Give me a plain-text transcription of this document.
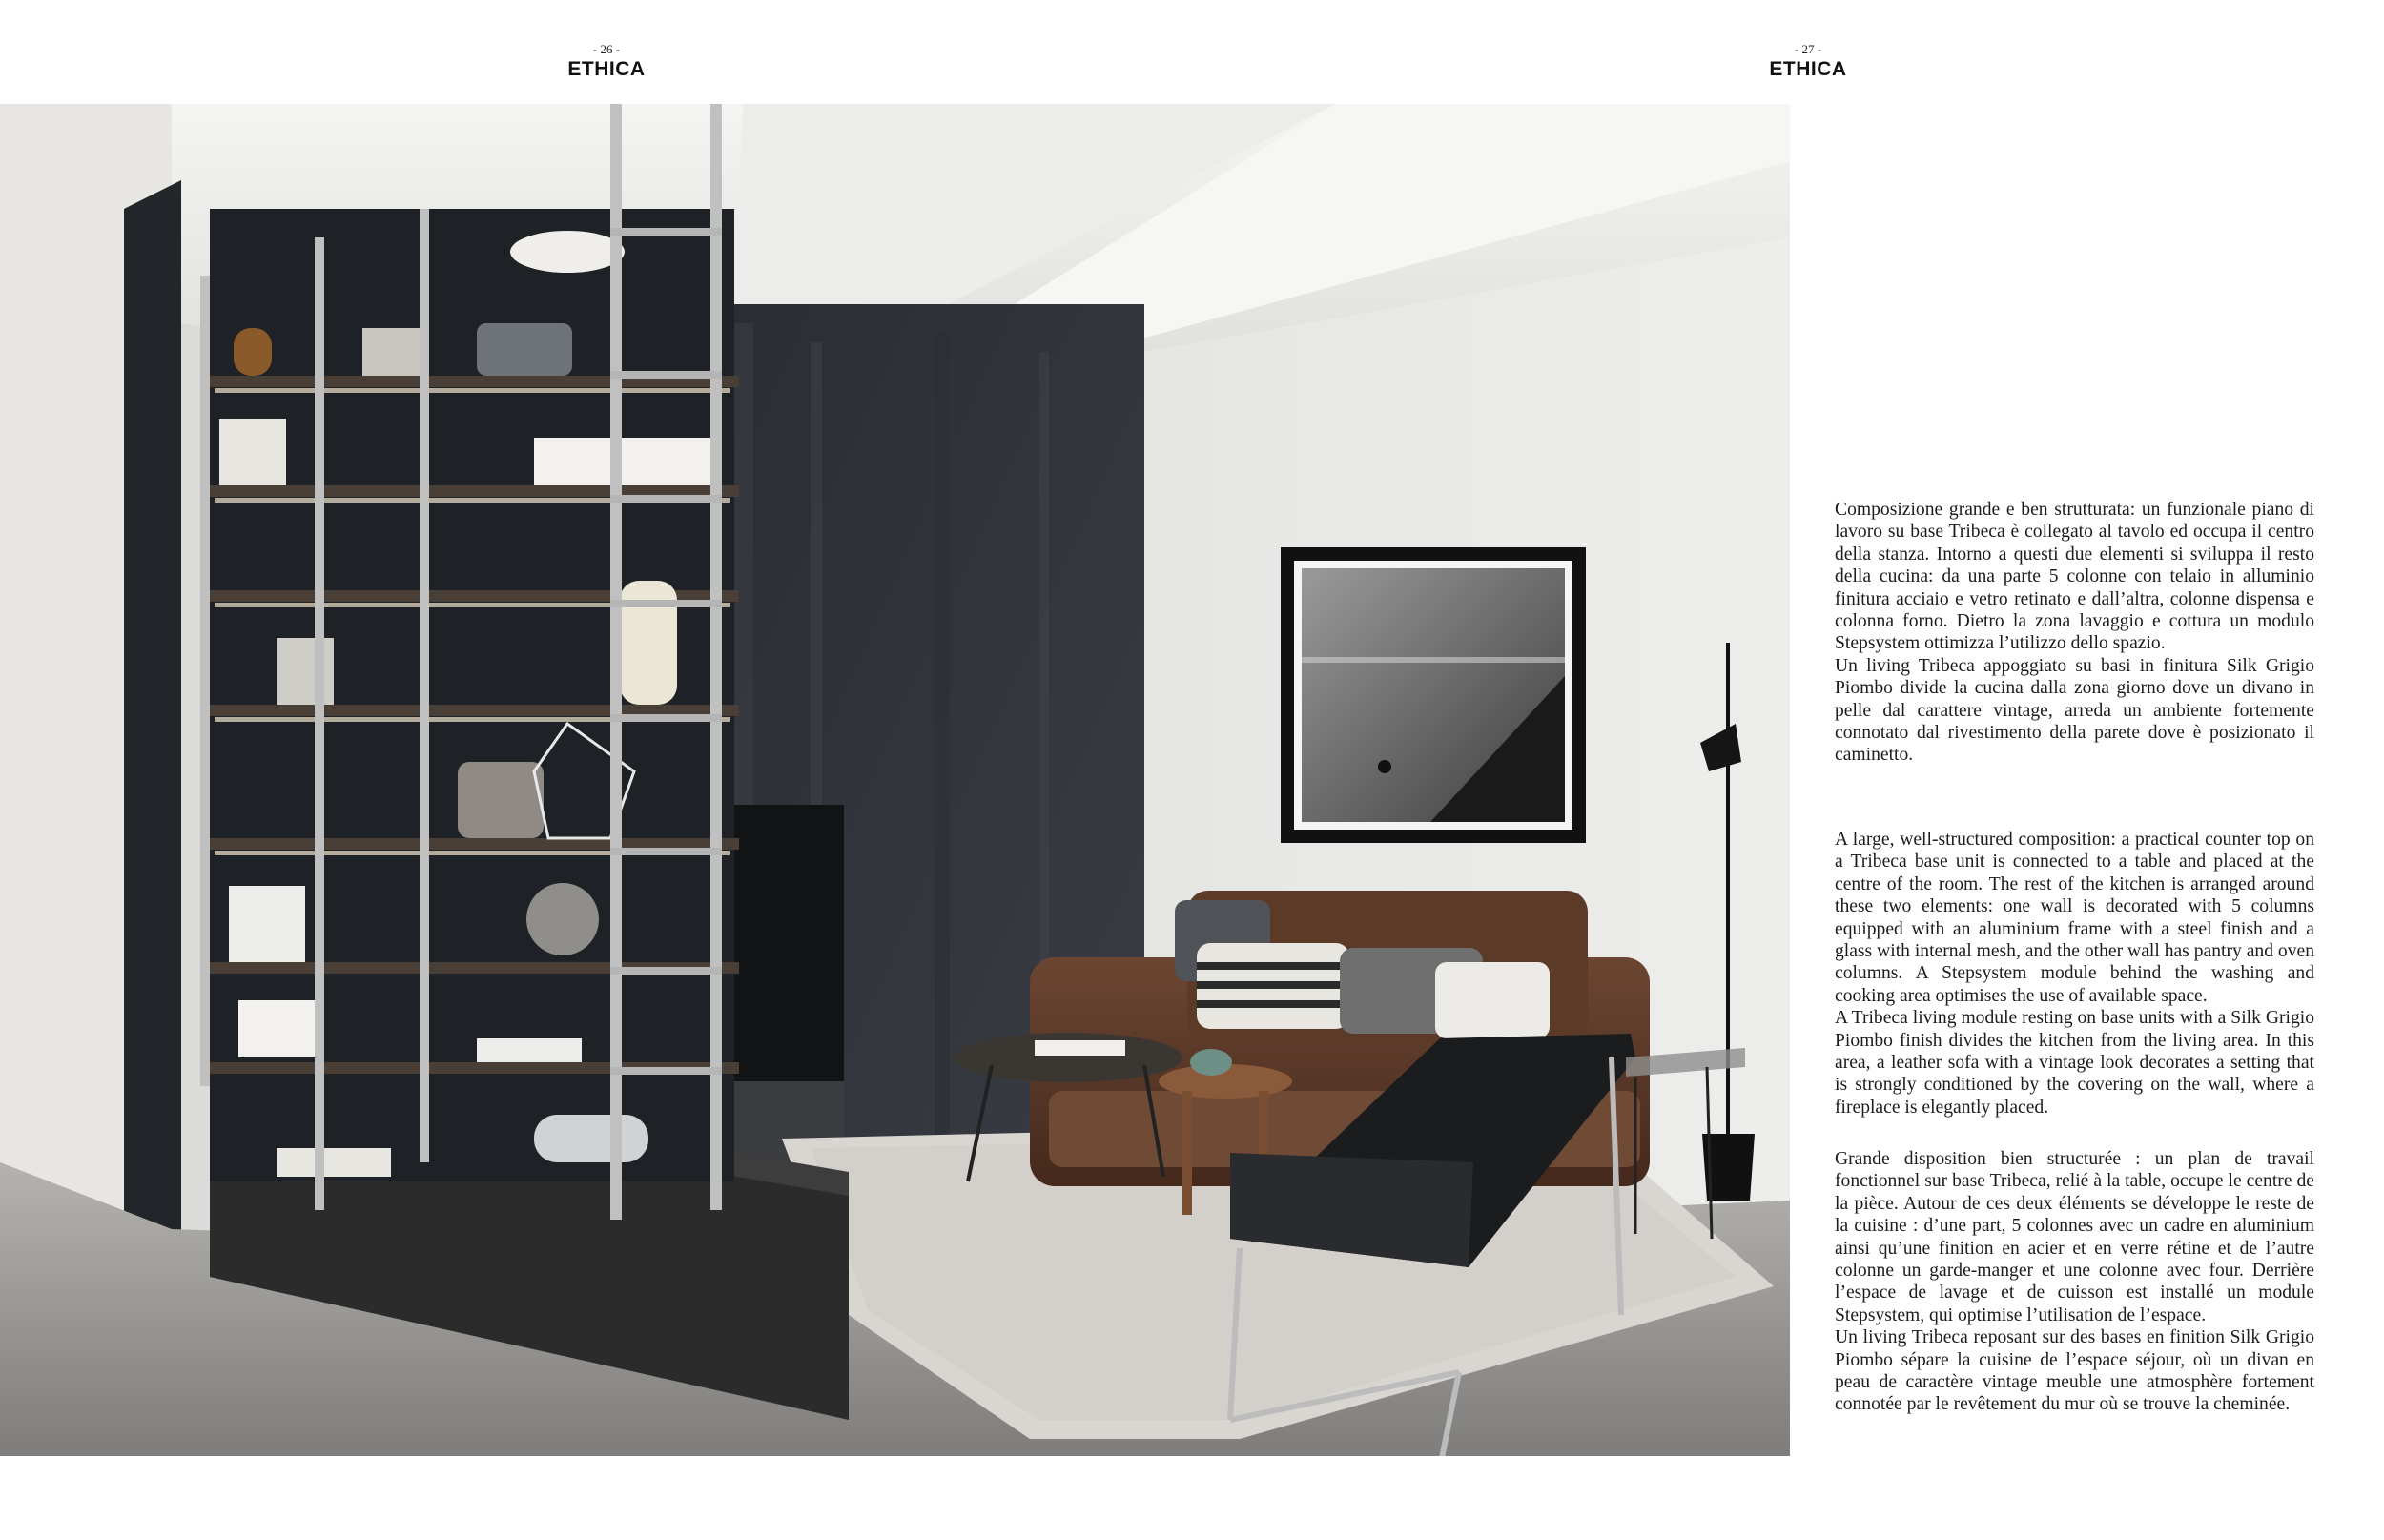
- 26 -
ETHICA
- 27 -
ETHICA

Composizione grande e ben strutturata: un funzionale piano di lavoro su base Tribeca è collegato al tavolo ed occupa il centro della stanza. Intorno a questi due elementi si sviluppa il resto della cucina: da una parte 5 colonne con telaio in alluminio finitura acciaio e vetro retinato e dall’altra, colonne dispensa e colonna forno. Dietro la zona lavaggio e cottura un modulo Stepsystem ottimizza l’utilizzo dello spazio.

Un living Tribeca appoggiato su basi in finitura Silk Grigio Piombo divide la cucina dalla zona giorno dove un divano in pelle dal carattere vintage, arreda un ambiente fortemente connotato dal rivestimento della parete dove è posizionato il caminetto.

A large, well-structured composition: a practical counter top on a Tribeca base unit is connected to a table and placed at the centre of the room. The rest of the kitchen is arranged around these two elements: one wall is decorated with 5 columns equipped with an aluminium frame with a steel finish and a glass with internal mesh, and the other wall has pantry and oven columns. A Stepsystem module behind the washing and cooking area optimises the use of available space.

A Tribeca living module resting on base units with a Silk Grigio Piombo finish divides the kitchen from the living area. In this area, a leather sofa with a vintage look decorates a setting that is strongly conditioned by the covering on the wall, where a fireplace is elegantly placed.

Grande disposition bien structurée : un plan de travail fonctionnel sur base Tribeca, relié à la table, occupe le centre de la pièce. Autour de ces deux éléments se développe le reste de la cuisine : d’une part, 5 colonnes avec un cadre en aluminium ainsi qu’une finition en acier et en verre rétine et de l’autre colonne un garde-manger et une colonne avec four. Derrière l’espace de lavage et de cuisson est installé un module Stepsystem, qui optimise l’utilisation de l’espace.

Un living Tribeca reposant sur des bases en finition Silk Grigio Piombo sépare la cuisine de l’espace séjour, où un divan en peau de caractère vintage meuble une atmosphère fortement connotée par le revêtement du mur où se trouve la cheminée.
